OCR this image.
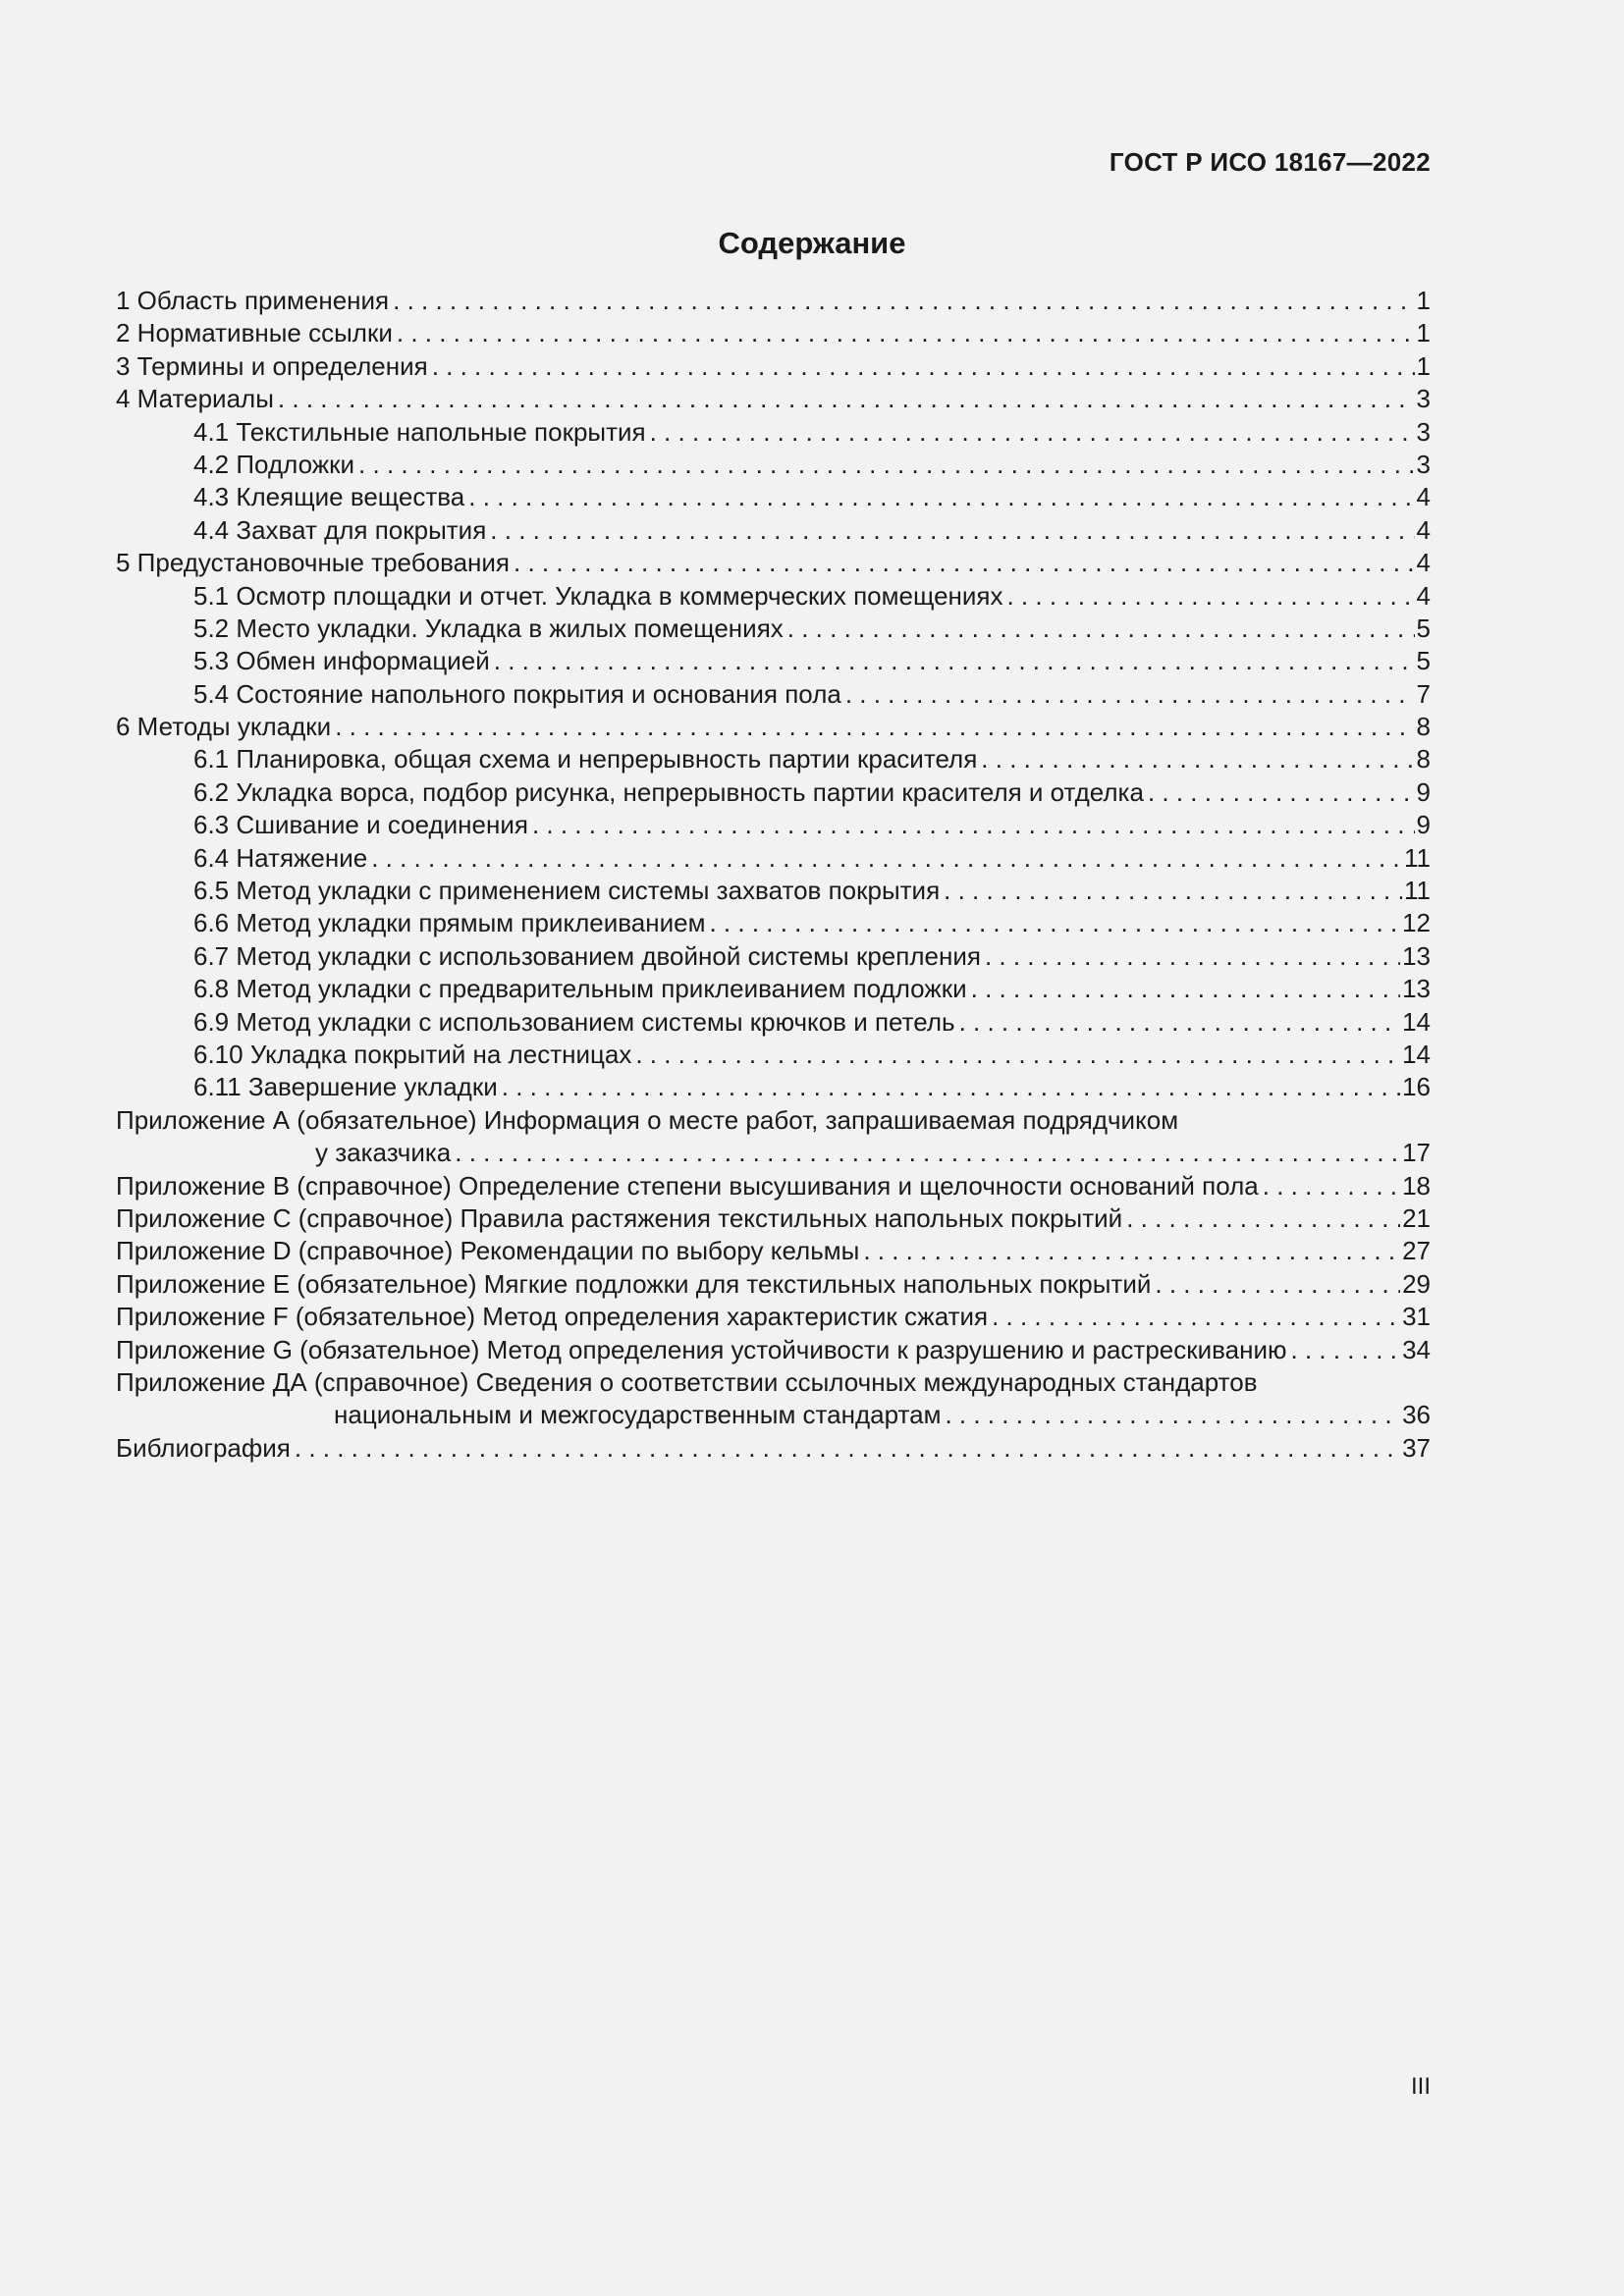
ГОСТ Р ИСО 18167—2022
Содержание
1 Область применения . . .	1
2 Нормативные ссылки . . .	1
3 Термины и определения . . .	1
4 Материалы . . .	3
4.1 Текстильные напольные покрытия . . .	3
4.2 Подложки . . .	3
4.3 Клеящие вещества . . .	4
4.4 Захват для покрытия . . .	4
5 Предустановочные требования . . .	4
5.1 Осмотр площадки и отчет. Укладка в коммерческих помещениях . . .	4
5.2 Место укладки. Укладка в жилых помещениях . . .	5
5.3 Обмен информацией . . .	5
5.4 Состояние напольного покрытия и основания пола . . .	7
6 Методы укладки . . .	8
6.1 Планировка, общая схема и непрерывность партии красителя . . .	8
6.2 Укладка ворса, подбор рисунка, непрерывность партии красителя и отделка . . .	9
6.3 Сшивание и соединения . . .	9
6.4 Натяжение . . .	11
6.5 Метод укладки с применением системы захватов покрытия . . .	11
6.6 Метод укладки прямым приклеиванием . . .	12
6.7 Метод укладки с использованием двойной системы крепления . . .	13
6.8 Метод укладки с предварительным приклеиванием подложки . . .	13
6.9 Метод укладки с использованием системы крючков и петель . . .	14
6.10 Укладка покрытий на лестницах . . .	14
6.11 Завершение укладки . . .	16
Приложение А (обязательное) Информация о месте работ, запрашиваемая подрядчиком
у заказчика . . .	17
Приложение В (справочное) Определение степени высушивания и щелочности оснований пола . . .	18
Приложение С (справочное) Правила растяжения текстильных напольных покрытий . . .	21
Приложение D (справочное) Рекомендации по выбору кельмы . . .	27
Приложение Е (обязательное) Мягкие подложки для текстильных напольных покрытий . . .	29
Приложение F (обязательное) Метод определения характеристик сжатия . . .	31
Приложение G (обязательное) Метод определения устойчивости к разрушению и растрескиванию . . .	34
Приложение ДА (справочное) Сведения о соответствии ссылочных международных стандартов
национальным и межгосударственным стандартам . . .	36
Библиография . . .	37
III
